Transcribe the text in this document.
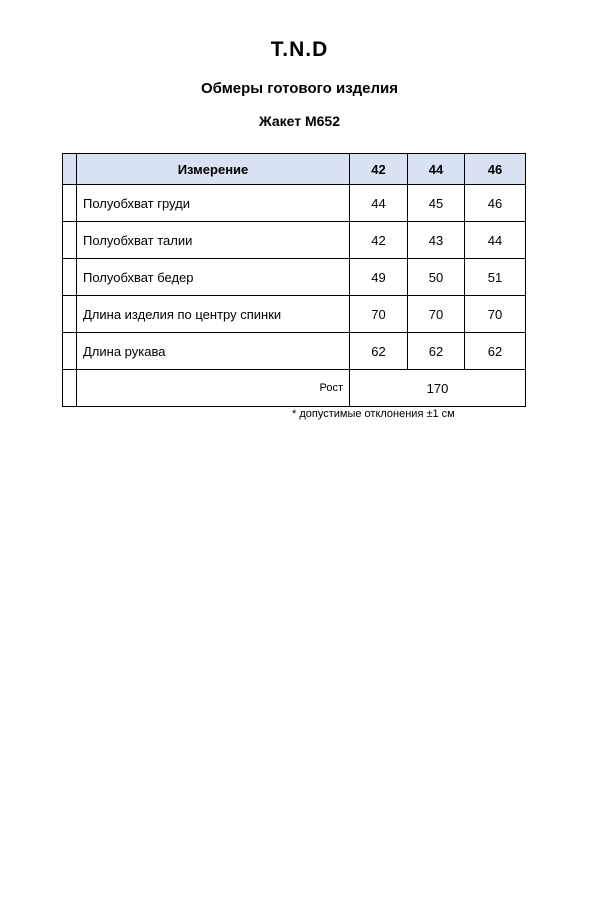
T.N.D
Обмеры готового изделия
Жакет М652
	Измерение	42	44	46
	Полуобхват груди	44	45	46
	Полуобхват талии	42	43	44
	Полуобхват бедер	49	50	51
	Длина изделия по центру спинки	70	70	70
	Длина рукава	62	62	62
	Рост	170		
* допустимые отклонения ±1 см
